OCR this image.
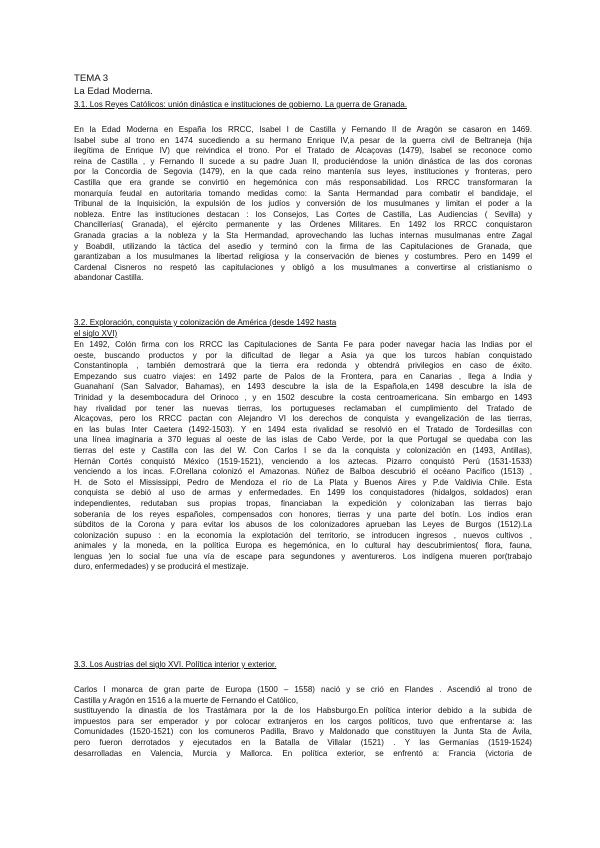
TEMA 3
La Edad Moderna.
3.1. Los Reyes Católicos: unión dinástica e instituciones de gobierno. La guerra de Granada.
En la Edad Moderna en España los RRCC, Isabel I de Castilla y Fernando II de Aragón se casaron en 1469.
Isabel sube al trono en 1474 sucediendo a su hermano Enrique IV,a pesar de la guerra civil de Beltraneja (hija
ilegítima de Enrique IV) que reivindica el trono. Por el Tratado de Alcaçovas (1479), Isabel se reconoce como
reina de Castilla , y Fernando II sucede a su padre Juan II, produciéndose la unión dinástica de las dos coronas
por la Concordia de Segovia (1479), en la que cada reino mantenía sus leyes, instituciones y fronteras, pero
Castilla que era grande se convirtió en hegemónica con más responsabilidad. Los RRCC transformaran la
monarquía feudal en autoritaria tomando medidas como: la Santa Hermandad para combatir el bandidaje, el
Tribunal de la Inquisición, la expulsión de los judíos y conversión de los musulmanes y limitan el poder a la
nobleza. Entre las instituciones destacan : los Consejos, Las Cortes de Castilla, Las Audiencias ( Sevilla) y
Chancillerías( Granada), el ejército permanente y las Órdenes Militares. En 1492 los RRCC conquistaron
Granada gracias a la nobleza y la Sta Hermandad, aprovechando las luchas internas musulmanas entre Zagal
y Boabdil, utilizando la táctica del asedio y terminó con la firma de las Capitulaciones de Granada, que
garantizaban a los musulmanes la libertad religiosa y la conservación de bienes y costumbres. Pero en 1499 el
Cardenal Cisneros no respetó las capitulaciones y obligó a los musulmanes a convertirse al cristianismo o
abandonar Castilla.
3.2. Exploración, conquista y colonización de América (desde 1492 hasta
el siglo XVI)
En 1492, Colón firma con los RRCC las Capitulaciones de Santa Fe para poder navegar hacia las Indias por el
oeste, buscando productos y por la dificultad de llegar a Asia ya que los turcos habían conquistado
Constantinopla , también demostrará que la tierra era redonda y obtendrá privilegios en caso de éxito.
Empezando sus cuatro viajes: en 1492 parte de Palos de la Frontera, para en Canarias , llega a India y
Guanahaní (San Salvador, Bahamas), en 1493 descubre la isla de la Española,en 1498 descubre la isla de
Trinidad y la desembocadura del Orinoco , y en 1502 descubre la costa centroamericana. Sin embargo en 1493
hay rivalidad por tener las nuevas tierras, los portugueses reclamaban el cumplimiento del Tratado de
Alcaçovas, pero los RRCC pactan con Alejandro VI los derechos de conquista y evangelización de las tierras,
en las bulas Inter Caetera (1492-1503). Y en 1494 esta rivalidad se resolvió en el Tratado de Tordesillas con
una línea imaginaria a 370 leguas al oeste de las islas de Cabo Verde, por la que Portugal se quedaba con las
tierras del este y Castilla con las del W. Con Carlos I se da la conquista y colonización en (1493, Antillas),
Hernán Cortés conquistó México (1519-1521), venciendo a los aztecas. Pizarro conquistó Perú (1531-1533)
venciendo a los incas. F.Orellana colonizó el Amazonas. Núñez de Balboa descubrió el océano Pacífico (1513) ,
H. de Soto el Mississippi, Pedro de Mendoza el río de La Plata y Buenos Aires y P.de Valdivia Chile. Esta
conquista se debió al uso de armas y enfermedades. En 1499 los conquistadores (hidalgos, soldados) eran
independientes, redutaban sus propias tropas, financiaban la expedición y colonizaban las tierras bajo
soberanía de los reyes españoles, compensados con honores, tierras y una parte del botín. Los indios eran
súbditos de la Corona y para evitar los abusos de los colonizadores aprueban las Leyes de Burgos (1512).La
colonización supuso : en la economía la explotación del territorio, se introducen ingresos , nuevos cultivos ,
animales y la moneda, en la política Europa es hegemónica, en lo cultural hay descubrimientos( flora, fauna,
lenguas )en lo social fue una vía de escape para segundones y aventureros. Los indígena mueren por(trabajo
duro, enfermedades) y se producirá el mestizaje.
3.3. Los Austrias del siglo XVI. Política interior y exterior.
Carlos I monarca de gran parte de Europa (1500 – 1558) nació y se crió en Flandes . Ascendió al trono de
Castilla y Aragón en 1516 a la muerte de Fernando el Católico,
sustituyendo la dinastía de los Trastámara por la de los Habsburgo.En política interior debido a la subida de
impuestos para ser emperador y por colocar extranjeros en los cargos políticos, tuvo que enfrentarse a: las
Comunidades (1520-1521) con los comuneros Padilla, Bravo y Maldonado que constituyen la Junta Sta de Ávila,
pero fueron derrotados y ejecutados en la Batalla de Villalar (1521) . Y las Germanías (1519-1524)
desarrolladas en Valencia, Murcia y Mallorca. En política exterior, se enfrentó a: Francia (victoria de
